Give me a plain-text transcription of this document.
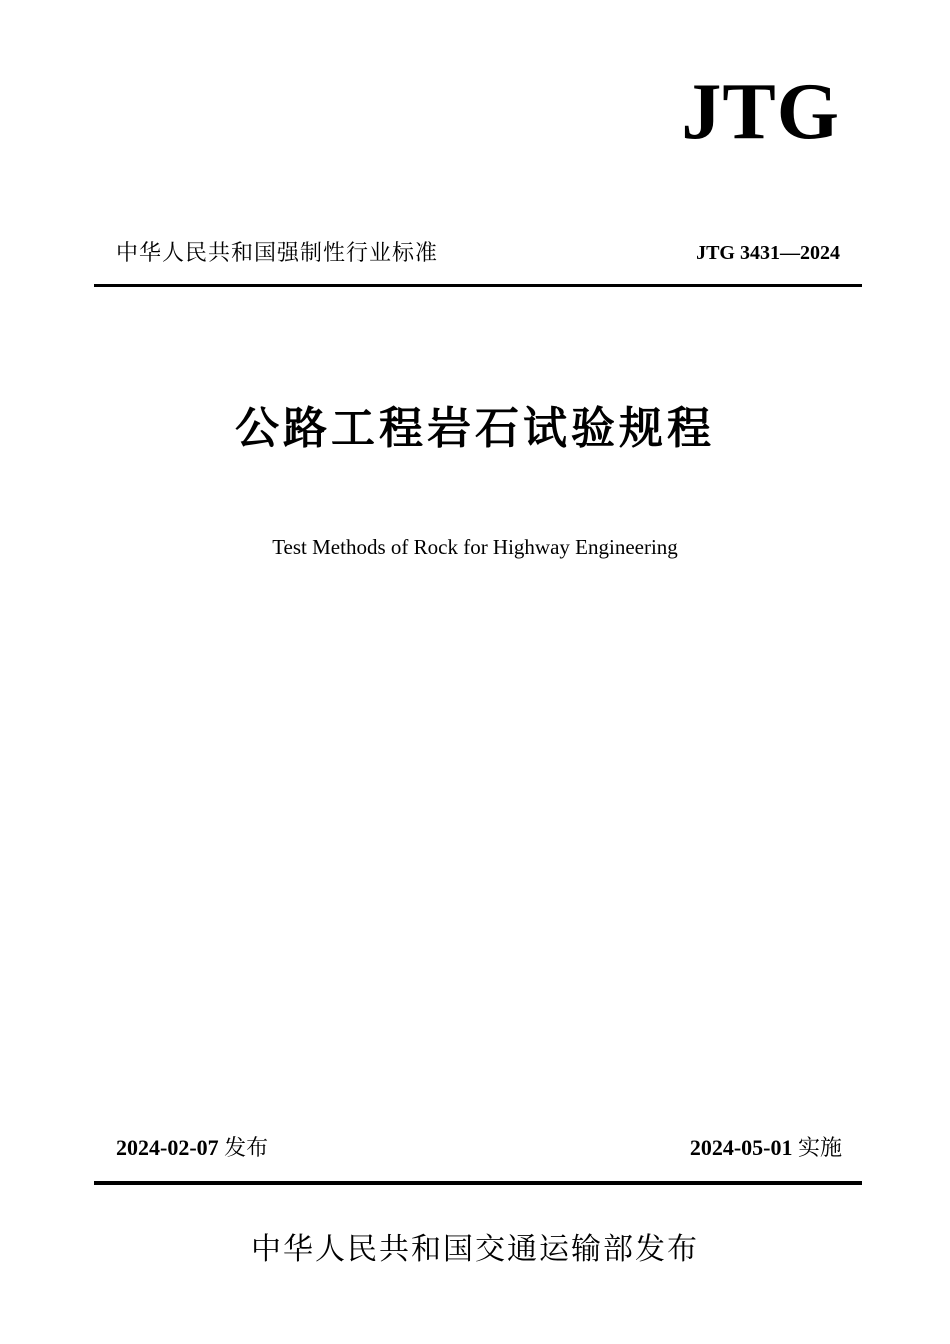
JTG
中华人民共和国强制性行业标准	JTG 3431—2024
公路工程岩石试验规程
Test Methods of Rock for Highway Engineering
2024-02-07 发布	2024-05-01 实施
中华人民共和国交通运输部发布
